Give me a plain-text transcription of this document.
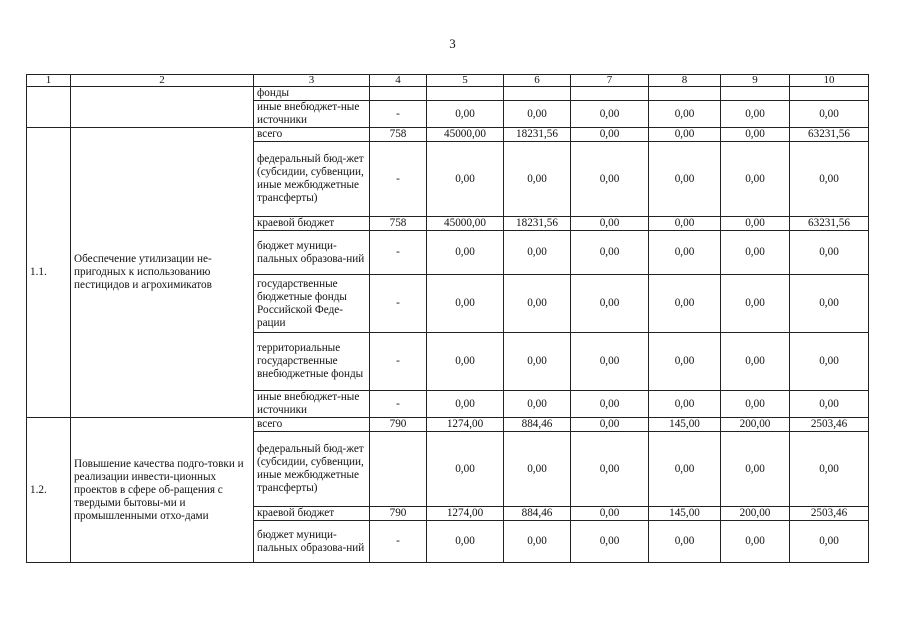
3
1	2	3	4	5	6	7	8	9	10
		фонды							
		иные внебюджет-ные источники	-	0,00	0,00	0,00	0,00	0,00	0,00
1.1.	Обеспечение утилизации не-пригодных к использованию пестицидов и агрохимикатов	всего	758	45000,00	18231,56	0,00	0,00	0,00	63231,56
		федеральный бюд-жет (субсидии, субвенции, иные межбюджетные трансферты)	-	0,00	0,00	0,00	0,00	0,00	0,00
		краевой бюджет	758	45000,00	18231,56	0,00	0,00	0,00	63231,56
		бюджет муници-пальных образова-ний	-	0,00	0,00	0,00	0,00	0,00	0,00
		государственные бюджетные фонды Российской Феде-рации	-	0,00	0,00	0,00	0,00	0,00	0,00
		территориальные государственные внебюджетные фонды	-	0,00	0,00	0,00	0,00	0,00	0,00
		иные внебюджет-ные источники	-	0,00	0,00	0,00	0,00	0,00	0,00
1.2.	Повышение качества подго-товки и реализации инвести-ционных проектов в сфере об-ращения с твердыми бытовы-ми и промышленными отхо-дами	всего	790	1274,00	884,46	0,00	145,00	200,00	2503,46
		федеральный бюд-жет (субсидии, субвенции, иные межбюджетные трансферты)		0,00	0,00	0,00	0,00	0,00	0,00
		краевой бюджет	790	1274,00	884,46	0,00	145,00	200,00	2503,46
		бюджет муници-пальных образова-ний	-	0,00	0,00	0,00	0,00	0,00	0,00
